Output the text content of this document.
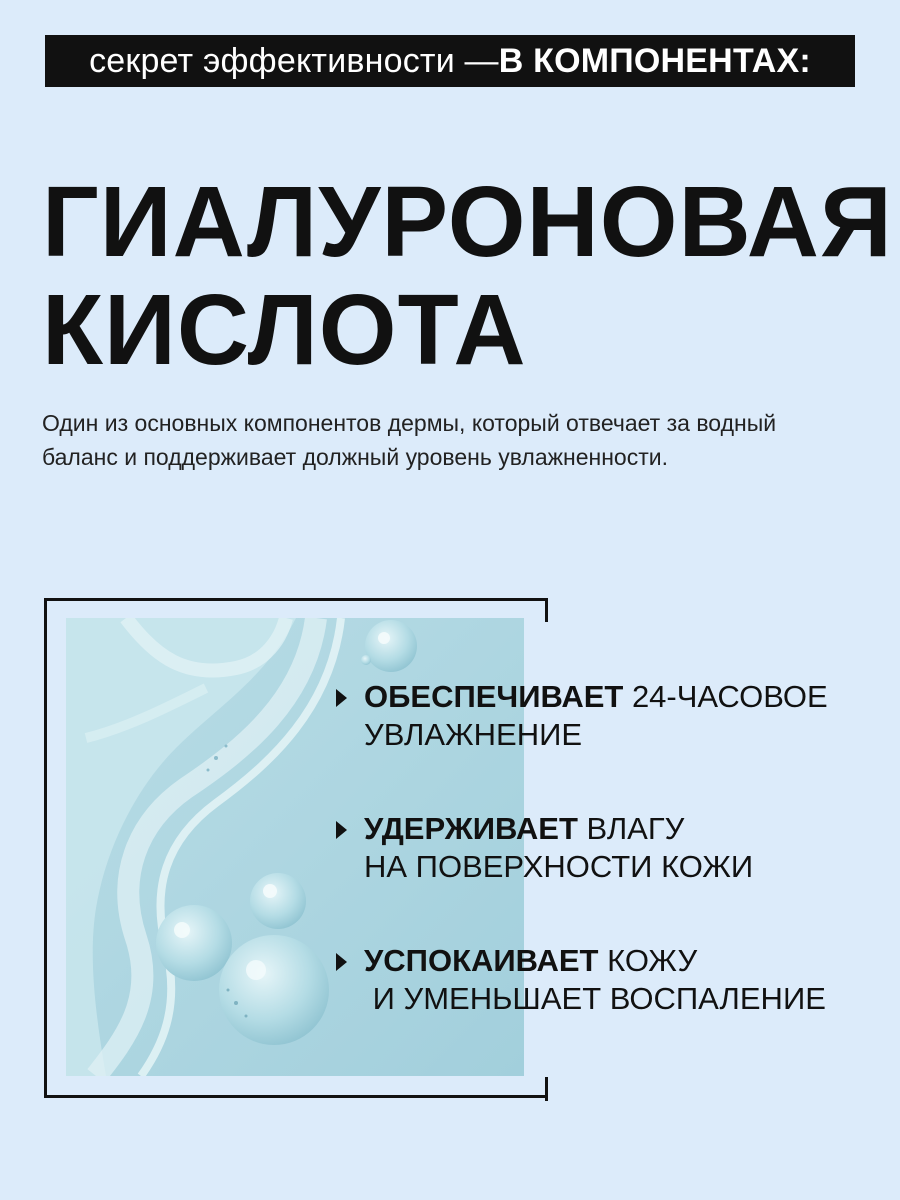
секрет эффективности — В КОМПОНЕНТАХ:
ГИАЛУРОНОВАЯ
КИСЛОТА

Один из основных компонентов дермы, который отвечает за водный баланс и поддерживает должный уровень увлажненности.

ОБЕСПЕЧИВАЕТ 24-ЧАСОВОЕ
УВЛАЖНЕНИЕ
УДЕРЖИВАЕТ ВЛАГУ
НА ПОВЕРХНОСТИ КОЖИ
УСПОКАИВАЕТ КОЖУ
И УМЕНЬШАЕТ ВОСПАЛЕНИЕ
